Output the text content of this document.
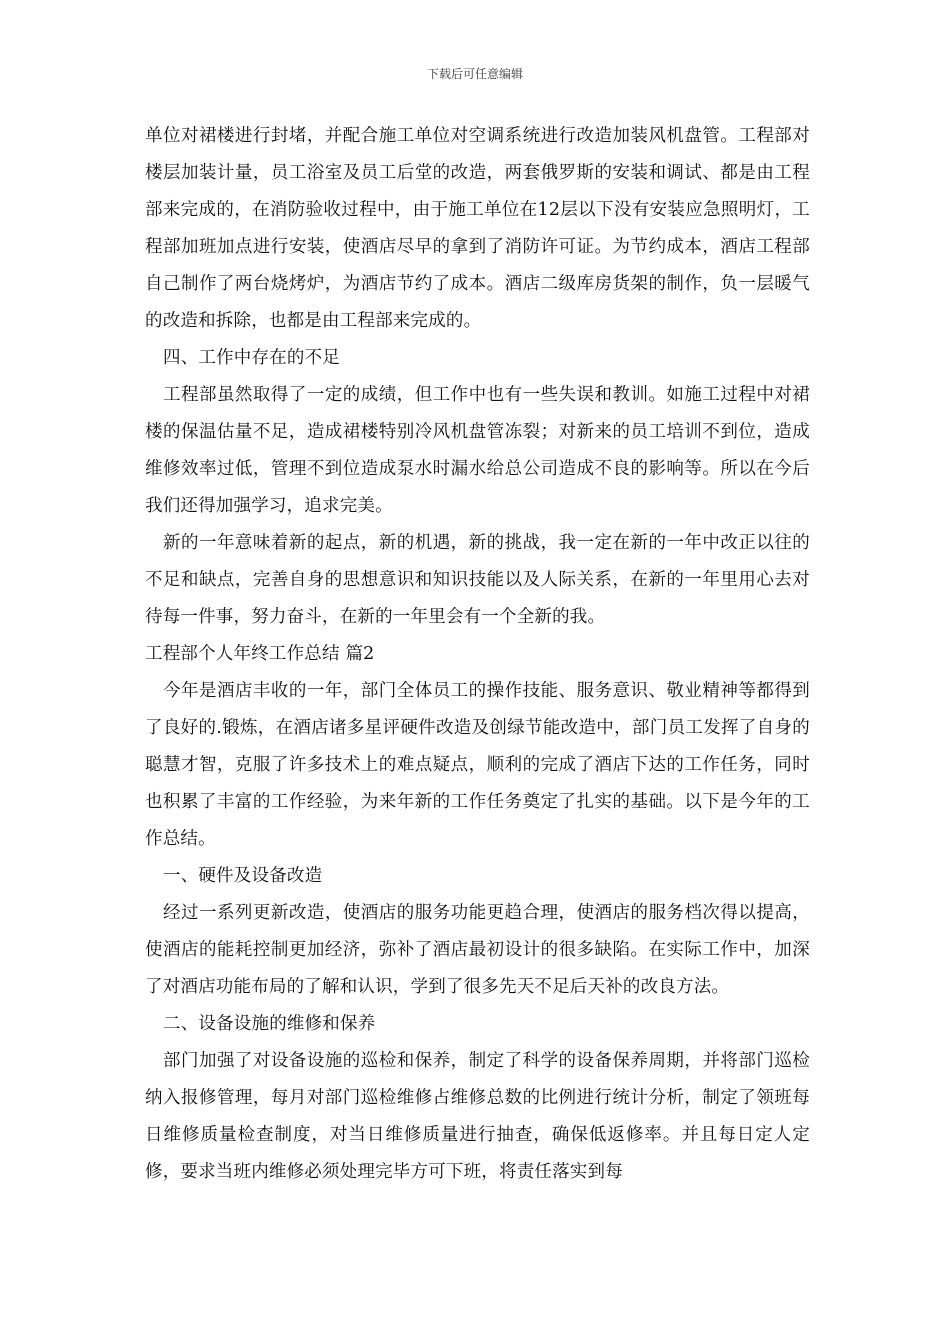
下载后可任意编辑

单位对裙楼进行封堵，并配合施工单位对空调系统进行改造加装风机盘管。工程部对楼层加装计量，员工浴室及员工后堂的改造，两套俄罗斯的安装和调试、都是由工程部来完成的，在消防验收过程中，由于施工单位在12层以下没有安装应急照明灯，工程部加班加点进行安装，使酒店尽早的拿到了消防许可证。为节约成本，酒店工程部自己制作了两台烧烤炉，为酒店节约了成本。酒店二级库房货架的制作，负一层暖气的改造和拆除，也都是由工程部来完成的。

四、工作中存在的不足

工程部虽然取得了一定的成绩，但工作中也有一些失误和教训。如施工过程中对裙楼的保温估量不足，造成裙楼特别冷风机盘管冻裂；对新来的员工培训不到位，造成维修效率过低，管理不到位造成泵水时漏水给总公司造成不良的影响等。所以在今后我们还得加强学习，追求完美。

新的一年意味着新的起点，新的机遇，新的挑战，我一定在新的一年中改正以往的不足和缺点，完善自身的思想意识和知识技能以及人际关系，在新的一年里用心去对待每一件事，努力奋斗，在新的一年里会有一个全新的我。

工程部个人年终工作总结 篇2

今年是酒店丰收的一年，部门全体员工的操作技能、服务意识、敬业精神等都得到了良好的.锻炼，在酒店诸多星评硬件改造及创绿节能改造中，部门员工发挥了自身的聪慧才智，克服了许多技术上的难点疑点，顺利的完成了酒店下达的工作任务，同时也积累了丰富的工作经验，为来年新的工作任务奠定了扎实的基础。以下是今年的工作总结。

一、硬件及设备改造

经过一系列更新改造，使酒店的服务功能更趋合理，使酒店的服务档次得以提高，使酒店的能耗控制更加经济，弥补了酒店最初设计的很多缺陷。在实际工作中，加深了对酒店功能布局的了解和认识，学到了很多先天不足后天补的改良方法。

二、设备设施的维修和保养

部门加强了对设备设施的巡检和保养，制定了科学的设备保养周期，并将部门巡检纳入报修管理，每月对部门巡检维修占维修总数的比例进行统计分析，制定了领班每日维修质量检查制度，对当日维修质量进行抽查，确保低返修率。并且每日定人定修，要求当班内维修必须处理完毕方可下班，将责任落实到每
